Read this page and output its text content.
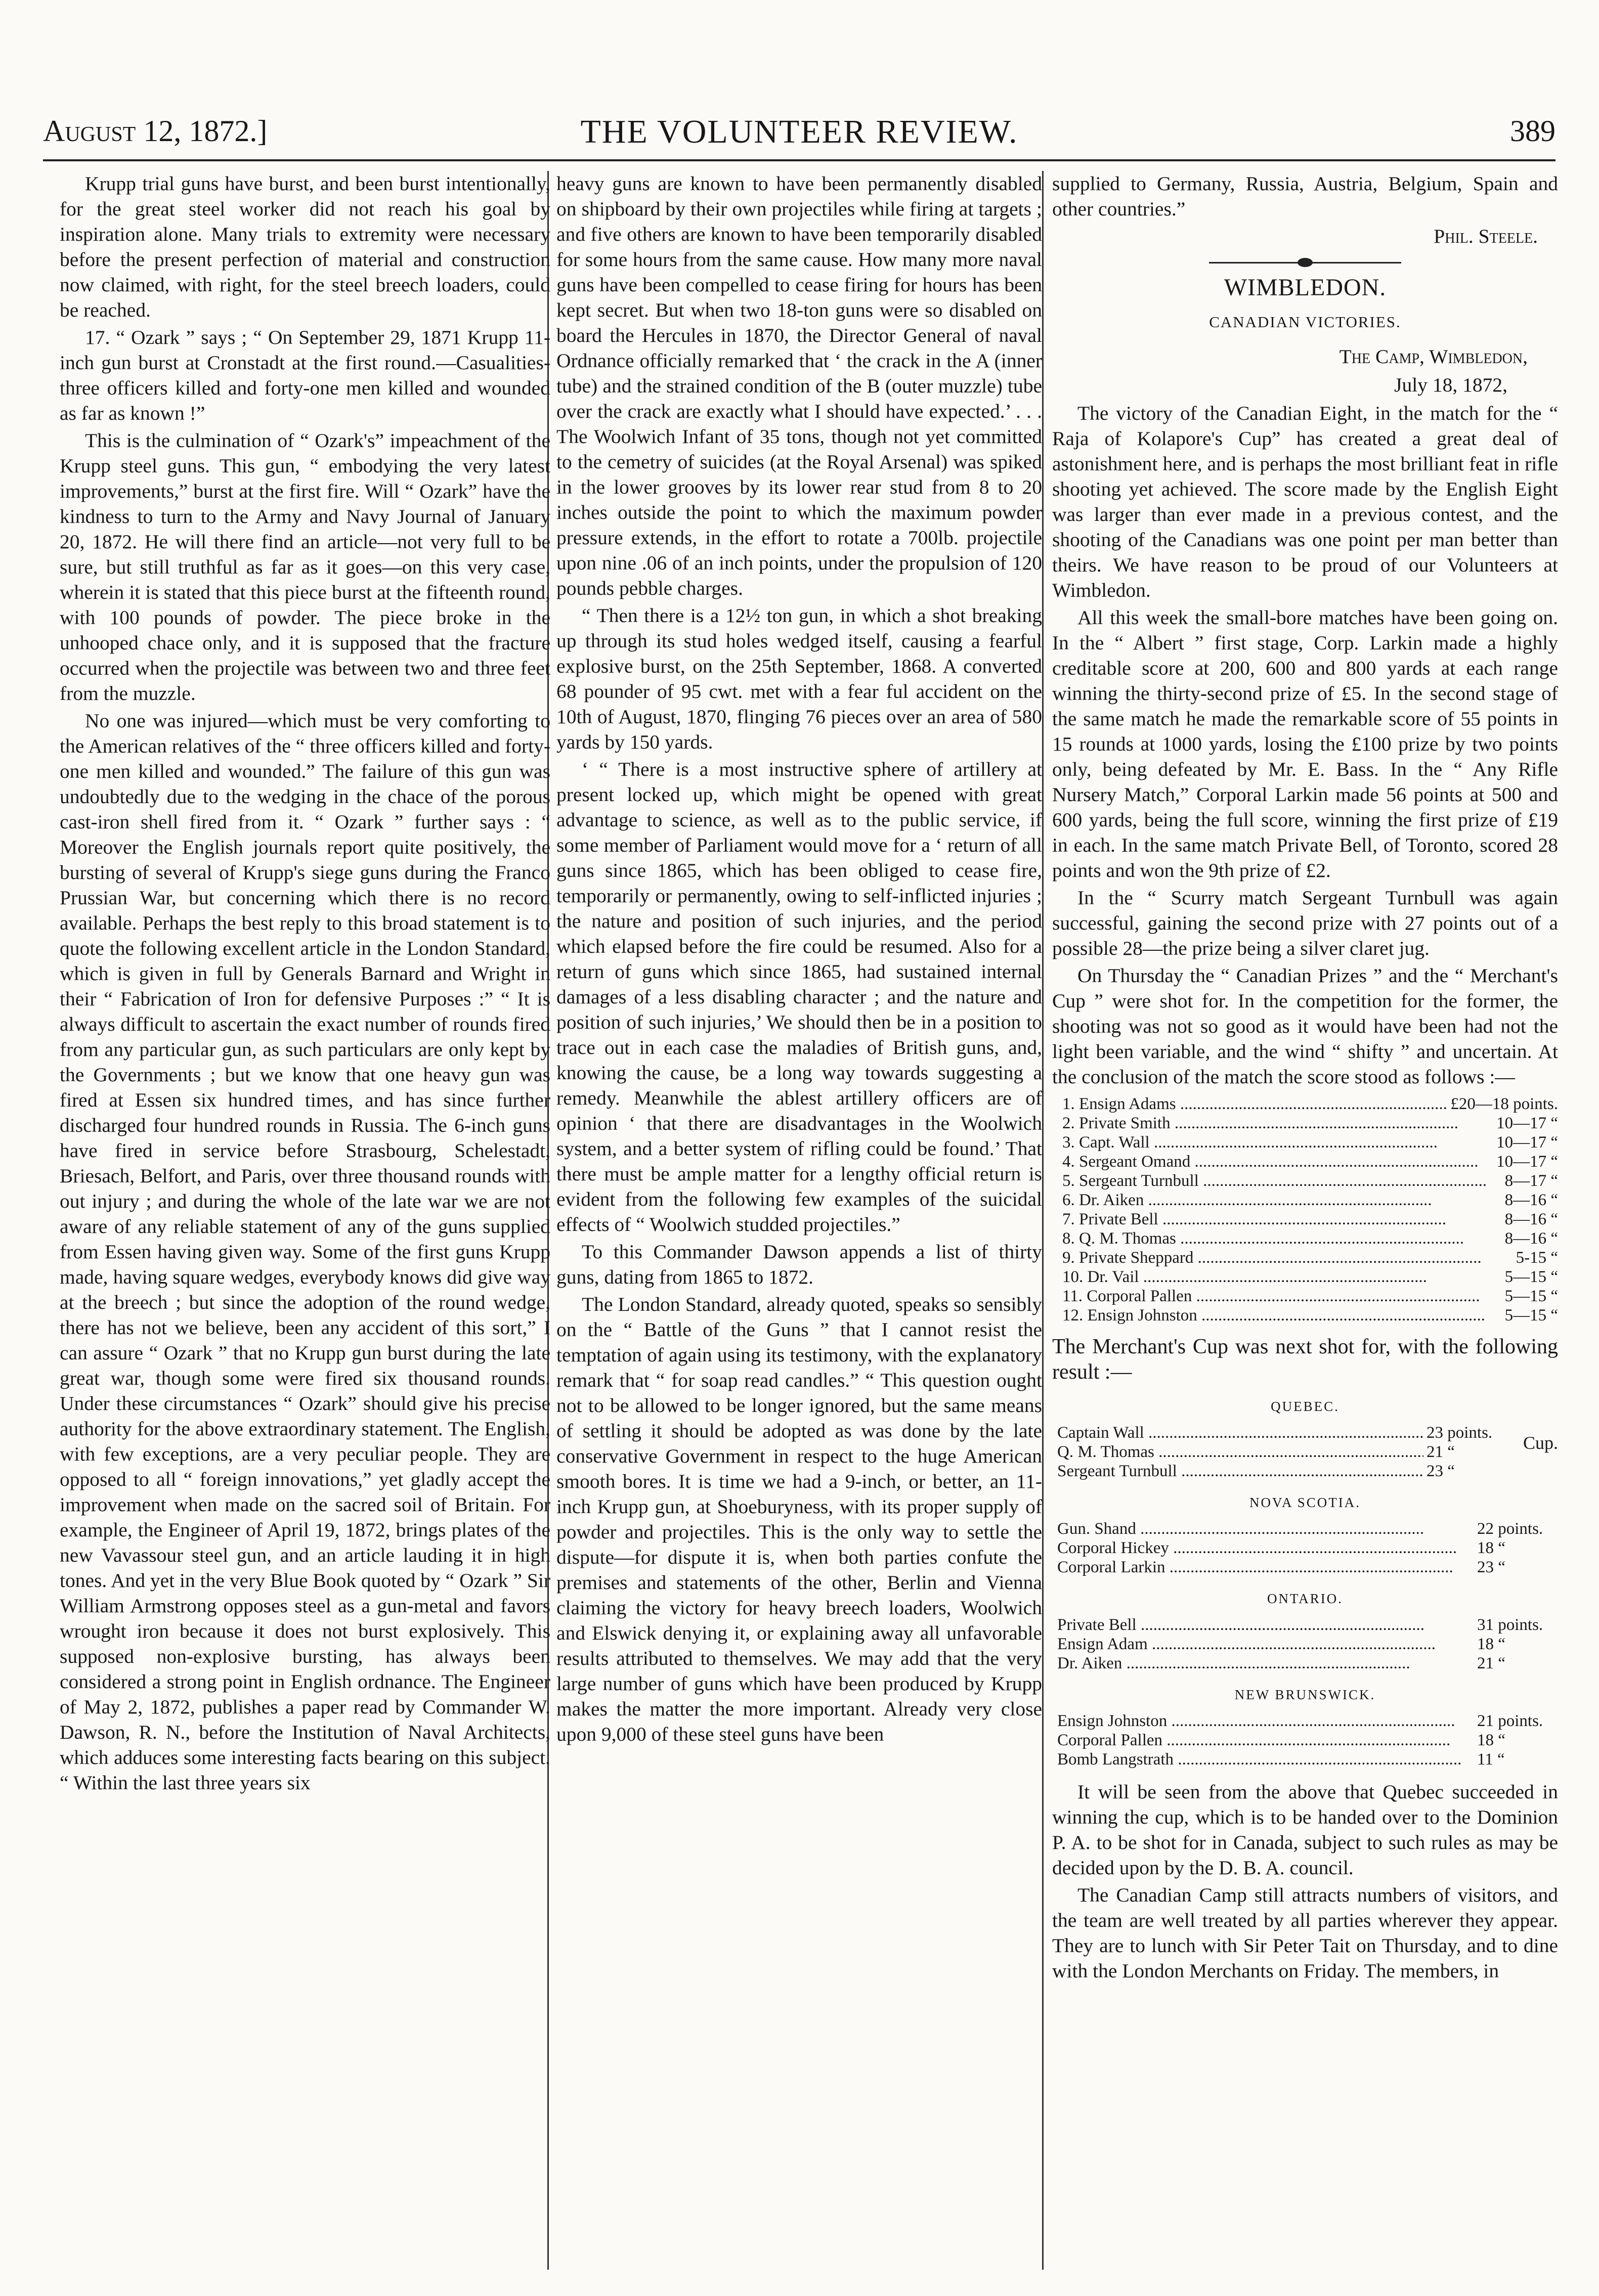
August 12, 1872.]	THE VOLUNTEER REVIEW.	389

Krupp trial guns have burst, and been burst intentionally, for the great steel worker did not reach his goal by inspiration alone. Many trials to extremity were necessary before the present perfection of material and construction now claimed, with right, for the steel breech loaders, could be reached.

17. “ Ozark ” says ; “ On September 29, 1871 Krupp 11-inch gun burst at Cronstadt at the first round.—Casualities-three officers killed and forty-one men killed and wounded as far as known !”

This is the culmination of “ Ozark's” impeachment of the Krupp steel guns. This gun, “ embodying the very latest improvements,” burst at the first fire. Will “ Ozark” have the kindness to turn to the Army and Navy Journal of January 20, 1872. He will there find an article—not very full to be sure, but still truthful as far as it goes—on this very case, wherein it is stated that this piece burst at the fifteenth round, with 100 pounds of powder. The piece broke in the unhooped chace only, and it is supposed that the fracture occurred when the projectile was between two and three feet from the muzzle.

No one was injured—which must be very comforting to the American relatives of the “ three officers killed and forty-one men killed and wounded.” The failure of this gun was undoubtedly due to the wedging in the chace of the porous cast-iron shell fired from it. “ Ozark ” further says : “ Moreover the English journals report quite positively, the bursting of several of Krupp's siege guns during the Franco Prussian War, but concerning which there is no record available. Perhaps the best reply to this broad statement is to quote the following excellent article in the London Standard, which is given in full by Generals Barnard and Wright in their “ Fabrication of Iron for defensive Purposes :” “ It is always difficult to ascertain the exact number of rounds fired from any particular gun, as such particulars are only kept by the Governments ; but we know that one heavy gun was fired at Essen six hundred times, and has since further discharged four hundred rounds in Russia. The 6-inch guns have fired in service before Strasbourg, Schelestadt, Briesach, Belfort, and Paris, over three thousand rounds with out injury ; and during the whole of the late war we are not aware of any reliable statement of any of the guns supplied from Essen having given way. Some of the first guns Krupp made, having square wedges, everybody knows did give way at the breech ; but since the adoption of the round wedge, there has not we believe, been any accident of this sort,” I can assure “ Ozark ” that no Krupp gun burst during the late great war, though some were fired six thousand rounds. Under these circumstances “ Ozark” should give his precise authority for the above extraordinary statement. The English, with few exceptions, are a very peculiar people. They are opposed to all “ foreign innovations,” yet gladly accept the improvement when made on the sacred soil of Britain. For example, the Engineer of April 19, 1872, brings plates of the new Vavassour steel gun, and an article lauding it in high tones. And yet in the very Blue Book quoted by “ Ozark ” Sir William Armstrong opposes steel as a gun-metal and favors wrought iron because it does not burst explosively. This supposed non-explosive bursting, has always been considered a strong point in English ordnance. The Engineer of May 2, 1872, publishes a paper read by Commander W. Dawson, R. N., before the Institution of Naval Architects, which adduces some interesting facts bearing on this subject. “ Within the last three years six

heavy guns are known to have been permanently disabled on shipboard by their own projectiles while firing at targets ; and five others are known to have been temporarily disabled for some hours from the same cause. How many more naval guns have been compelled to cease firing for hours has been kept secret. But when two 18-ton guns were so disabled on board the Hercules in 1870, the Director General of naval Ordnance officially remarked that ‘ the crack in the A (inner tube) and the strained condition of the B (outer muzzle) tube over the crack are exactly what I should have expected.’ . . . The Woolwich Infant of 35 tons, though not yet committed to the cemetry of suicides (at the Royal Arsenal) was spiked in the lower grooves by its lower rear stud from 8 to 20 inches outside the point to which the maximum powder pressure extends, in the effort to rotate a 700lb. projectile upon nine .06 of an inch points, under the propulsion of 120 pounds pebble charges.

“ Then there is a 12½ ton gun, in which a shot breaking up through its stud holes wedged itself, causing a fearful explosive burst, on the 25th September, 1868. A converted 68 pounder of 95 cwt. met with a fear ful accident on the 10th of August, 1870, flinging 76 pieces over an area of 580 yards by 150 yards.

‘ “ There is a most instructive sphere of artillery at present locked up, which might be opened with great advantage to science, as well as to the public service, if some member of Parliament would move for a ‘ return of all guns since 1865, which has been obliged to cease fire, temporarily or permanently, owing to self-inflicted injuries ; the nature and position of such injuries, and the period which elapsed before the fire could be resumed. Also for a return of guns which since 1865, had sustained internal damages of a less disabling character ; and the nature and position of such injuries,’ We should then be in a position to trace out in each case the maladies of British guns, and, knowing the cause, be a long way towards suggesting a remedy. Meanwhile the ablest artillery officers are of opinion ‘ that there are disadvantages in the Woolwich system, and a better system of rifling could be found.’ That there must be ample matter for a lengthy official return is evident from the following few examples of the suicidal effects of “ Woolwich studded projectiles.”

To this Commander Dawson appends a list of thirty guns, dating from 1865 to 1872.

The London Standard, already quoted, speaks so sensibly on the “ Battle of the Guns ” that I cannot resist the temptation of again using its testimony, with the explanatory remark that “ for soap read candles.” “ This question ought not to be allowed to be longer ignored, but the same means of settling it should be adopted as was done by the late conservative Government in respect to the huge American smooth bores. It is time we had a 9-inch, or better, an 11-inch Krupp gun, at Shoeburyness, with its proper supply of powder and projectiles. This is the only way to settle the dispute—for dispute it is, when both parties confute the premises and statements of the other, Berlin and Vienna claiming the victory for heavy breech loaders, Woolwich and Elswick denying it, or explaining away all unfavorable results attributed to themselves. We may add that the very large number of guns which have been produced by Krupp makes the matter the more important. Already very close upon 9,000 of these steel guns have been

supplied to Germany, Russia, Austria, Belgium, Spain and other countries.”

Phil. Steele.

WIMBLEDON.

CANADIAN VICTORIES.

The Camp, Wimbledon,

July 18, 1872,

The victory of the Canadian Eight, in the match for the “ Raja of Kolapore's Cup” has created a great deal of astonishment here, and is perhaps the most brilliant feat in rifle shooting yet achieved. The score made by the English Eight was larger than ever made in a previous contest, and the shooting of the Canadians was one point per man better than theirs. We have reason to be proud of our Volunteers at Wimbledon.

All this week the small-bore matches have been going on. In the “ Albert ” first stage, Corp. Larkin made a highly creditable score at 200, 600 and 800 yards at each range winning the thirty-second prize of £5. In the second stage of the same match he made the remarkable score of 55 points in 15 rounds at 1000 yards, losing the £100 prize by two points only, being defeated by Mr. E. Bass. In the “ Any Rifle Nursery Match,” Corporal Larkin made 56 points at 500 and 600 yards, being the full score, winning the first prize of £19 in each. In the same match Private Bell, of Toronto, scored 28 points and won the 9th prize of £2.

In the “ Scurry match Sergeant Turnbull was again successful, gaining the second prize with 27 points out of a possible 28—the prize being a silver claret jug.

On Thursday the “ Canadian Prizes ” and the “ Merchant's Cup ” were shot for. In the competition for the former, the shooting was not so good as it would have been had not the light been variable, and the wind “ shifty ” and uncertain. At the conclusion of the match the score stood as follows :—

1. Ensign Adams .....	£20—18 points.
2. Private Smith .....	10—17 “
3. Capt. Wall .....	10—17 “
4. Sergeant Omand .....	10—17 “
5. Sergeant Turnbull .....	8—17 “
6. Dr. Aiken .....	8—16 “
7. Private Bell .....	8—16 “
8. Q. M. Thomas .....	8—16 “
9. Private Sheppard .....	5-15 “
10. Dr. Vail .....	5—15 “
11. Corporal Pallen .....	5—15 “
12. Ensign Johnston .....	5—15 “

The Merchant's Cup was next shot for, with the following result :—

QUEBEC.
Cup.
Captain Wall .....	23 points.
Q. M. Thomas .....	21 “
Sergeant Turnbull .....	23 “
NOVA SCOTIA.
Gun. Shand .....	22 points.
Corporal Hickey .....	18 “
Corporal Larkin .....	23 “
ONTARIO.
Private Bell .....	31 points.
Ensign Adam .....	18 “
Dr. Aiken .....	21 “
NEW BRUNSWICK.
Ensign Johnston .....	21 points.
Corporal Pallen .....	18 “
Bomb Langstrath .....	11 “

It will be seen from the above that Quebec succeeded in winning the cup, which is to be handed over to the Dominion P. A. to be shot for in Canada, subject to such rules as may be decided upon by the D. B. A. council.

The Canadian Camp still attracts numbers of visitors, and the team are well treated by all parties wherever they appear. They are to lunch with Sir Peter Tait on Thursday, and to dine with the London Merchants on Friday. The members, in
